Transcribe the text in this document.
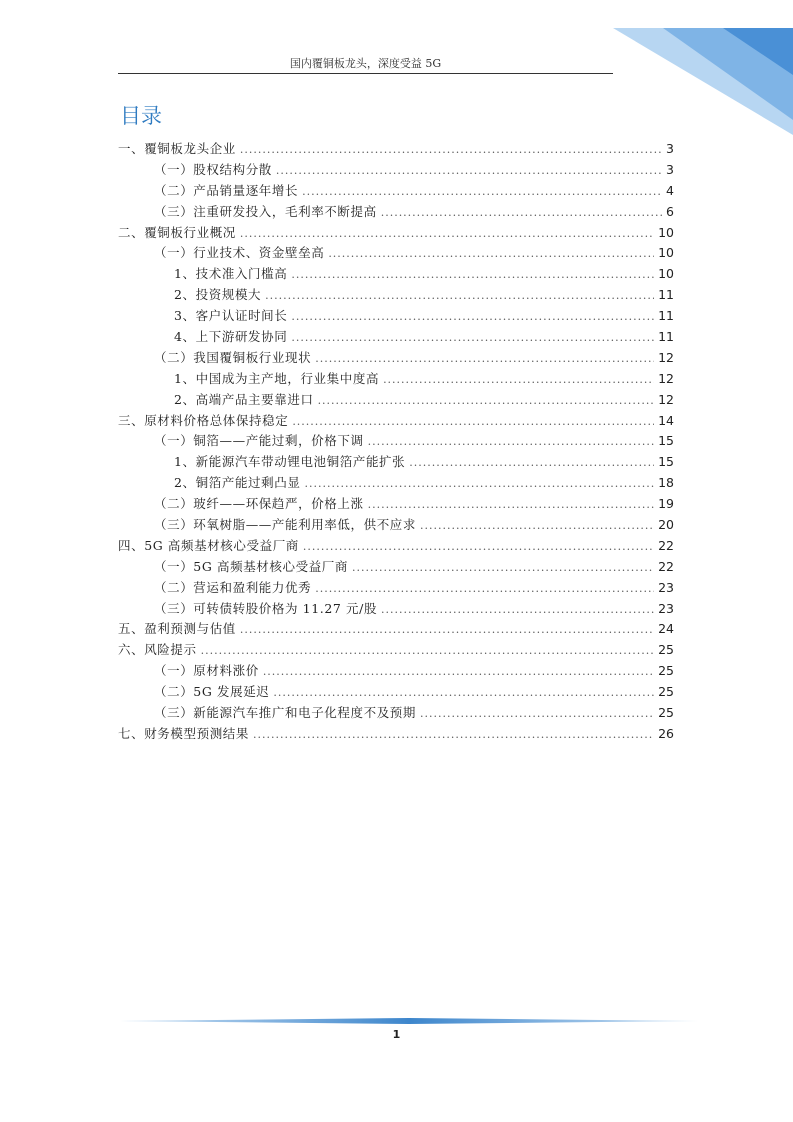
国内覆铜板龙头，深度受益 5G
目录
一、覆铜板龙头企业 .....	3
（一）股权结构分散 .....	3
（二）产品销量逐年增长 .....	4
（三）注重研发投入，毛利率不断提高 .....	6
二、覆铜板行业概况 .....	10
（一）行业技术、资金壁垒高 .....	10
1、技术准入门槛高 .....	10
2、投资规模大 .....	11
3、客户认证时间长 .....	11
4、上下游研发协同 .....	11
（二）我国覆铜板行业现状 .....	12
1、中国成为主产地，行业集中度高 .....	12
2、高端产品主要靠进口 .....	12
三、原材料价格总体保持稳定 .....	14
（一）铜箔——产能过剩，价格下调 .....	15
1、新能源汽车带动锂电池铜箔产能扩张 .....	15
2、铜箔产能过剩凸显 .....	18
（二）玻纤——环保趋严，价格上涨 .....	19
（三）环氧树脂——产能利用率低，供不应求 .....	20
四、5G 高频基材核心受益厂商 .....	22
（一）5G 高频基材核心受益厂商 .....	22
（二）营运和盈利能力优秀 .....	23
（三）可转债转股价格为 11.27 元/股 .....	23
五、盈利预测与估值 .....	24
六、风险提示 .....	25
（一）原材料涨价 .....	25
（二）5G 发展延迟 .....	25
（三）新能源汽车推广和电子化程度不及预期 .....	25
七、财务模型预测结果 .....	26
1
